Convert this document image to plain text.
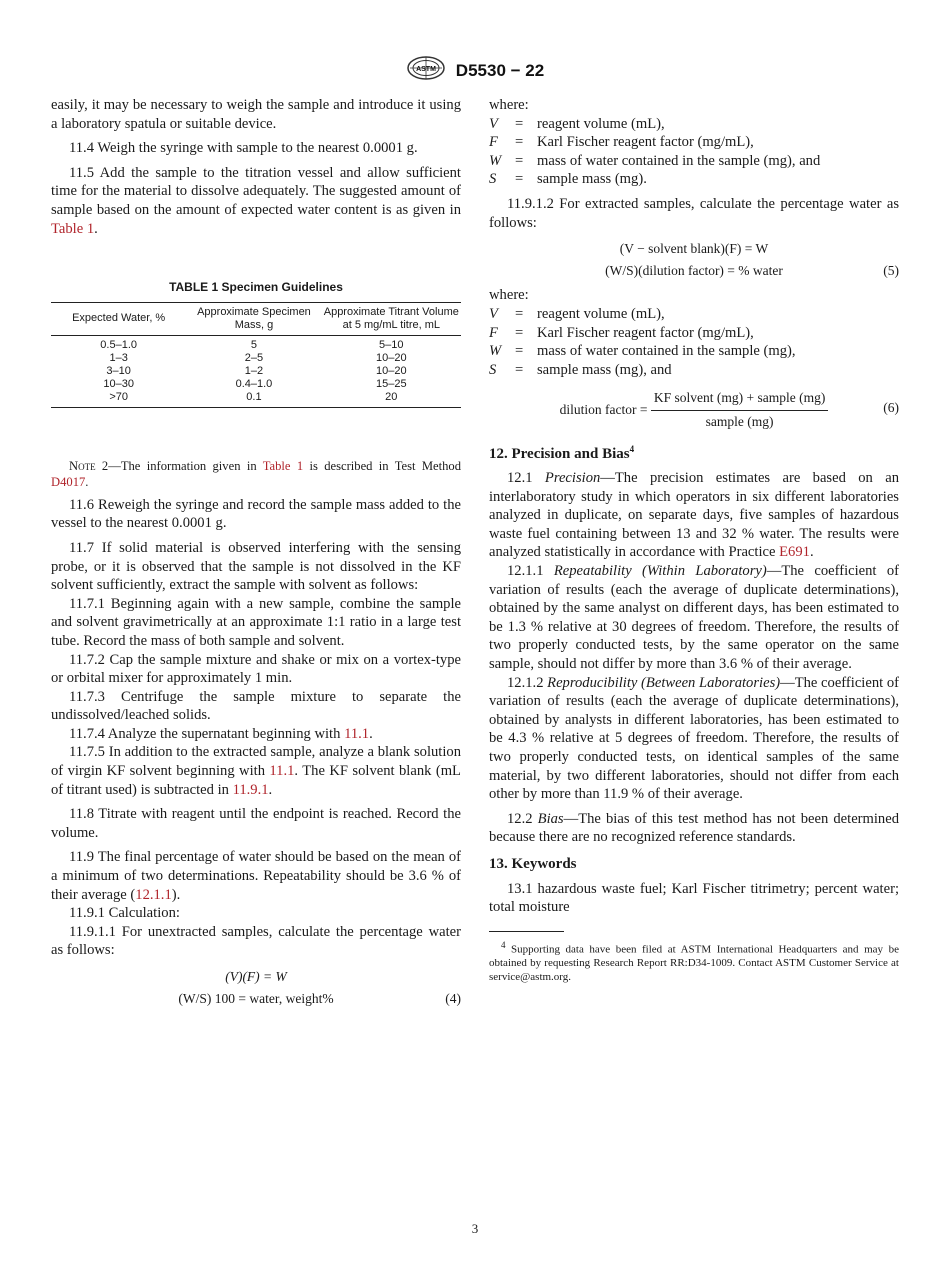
ASTM D5530 − 22

easily, it may be necessary to weigh the sample and introduce it using a laboratory spatula or suitable device.

11.4 Weigh the syringe with sample to the nearest 0.0001 g.

11.5 Add the sample to the titration vessel and allow sufficient time for the material to dissolve adequately. The suggested amount of sample based on the amount of expected water content is as given in Table 1.

TABLE 1 Specimen Guidelines
Expected Water, %	Approximate Specimen Mass, g	Approximate Titrant Volume
at 5 mg/mL titre, mL
0.5–1.0	5	5–10
1–3	2–5	10–20
3–10	1–2	10–20
10–30	0.4–1.0	15–25
>70	0.1	20

Note 2—The information given in Table 1 is described in Test Method D4017.

11.6 Reweigh the syringe and record the sample mass added to the vessel to the nearest 0.0001 g.

11.7 If solid material is observed interfering with the sensing probe, or it is observed that the sample is not dissolved in the KF solvent sufficiently, extract the sample with solvent as follows:

11.7.1 Beginning again with a new sample, combine the sample and solvent gravimetrically at an approximate 1:1 ratio in a large test tube. Record the mass of both sample and solvent.

11.7.2 Cap the sample mixture and shake or mix on a vortex-type or orbital mixer for approximately 1 min.

11.7.3 Centrifuge the sample mixture to separate the undissolved/leached solids.

11.7.4 Analyze the supernatant beginning with 11.1.

11.7.5 In addition to the extracted sample, analyze a blank solution of virgin KF solvent beginning with 11.1. The KF solvent blank (mL of titrant used) is subtracted in 11.9.1.

11.8 Titrate with reagent until the endpoint is reached. Record the volume.

11.9 The final percentage of water should be based on the mean of a minimum of two determinations. Repeatability should be 3.6 % of their average (12.1.1).

11.9.1 Calculation:

11.9.1.1 For unextracted samples, calculate the percentage water as follows:

(V)(F) = W
(W/S) 100 = water, weight%	(4)

where:

V	= reagent volume (mL),
F	= Karl Fischer reagent factor (mg/mL),
W = mass of water contained in the sample (mg), and
S	= sample mass (mg).

11.9.1.2 For extracted samples, calculate the percentage water as follows:

(V − solvent blank)(F) = W
(W/S)(dilution factor) = % water	(5)

where:

V	= reagent volume (mL),
F	= Karl Fischer reagent factor (mg/mL),
W = mass of water contained in the sample (mg),
S	= sample mass (mg), and
dilution factor = $\frac{\text{KF solvent (mg) + sample (mg)}}{\text{sample (mg)}}$	(6)
12. Precision and Bias$^4$

12.1 Precision—The precision estimates are based on an interlaboratory study in which operators in six different laboratories analyzed in duplicate, on separate days, five samples of hazardous waste fuel containing between 13 and 32 % water. The results were analyzed statistically in accordance with Practice E691.

12.1.1 Repeatability (Within Laboratory)—The coefficient of variation of results (each the average of duplicate determinations), obtained by the same analyst on different days, has been estimated to be 1.3 % relative at 30 degrees of freedom. Therefore, the results of two properly conducted tests, by the same operator on the same sample, should not differ by more than 3.6 % of their average.

12.1.2 Reproducibility (Between Laboratories)—The coefficient of variation of results (each the average of duplicate determinations), obtained by analysts in different laboratories, has been estimated to be 4.3 % relative at 5 degrees of freedom. Therefore, the results of two properly conducted tests, on identical samples of the same material, by two different laboratories, should not differ from each other by more than 11.9 % of their average.

12.2 Bias—The bias of this test method has not been determined because there are no recognized reference standards.

13. Keywords

13.1 hazardous waste fuel; Karl Fischer titrimetry; percent water; total moisture

$^4$ Supporting data have been filed at ASTM International Headquarters and may be obtained by requesting Research Report RR:D34-1009. Contact ASTM Customer Service at service@astm.org.
3
